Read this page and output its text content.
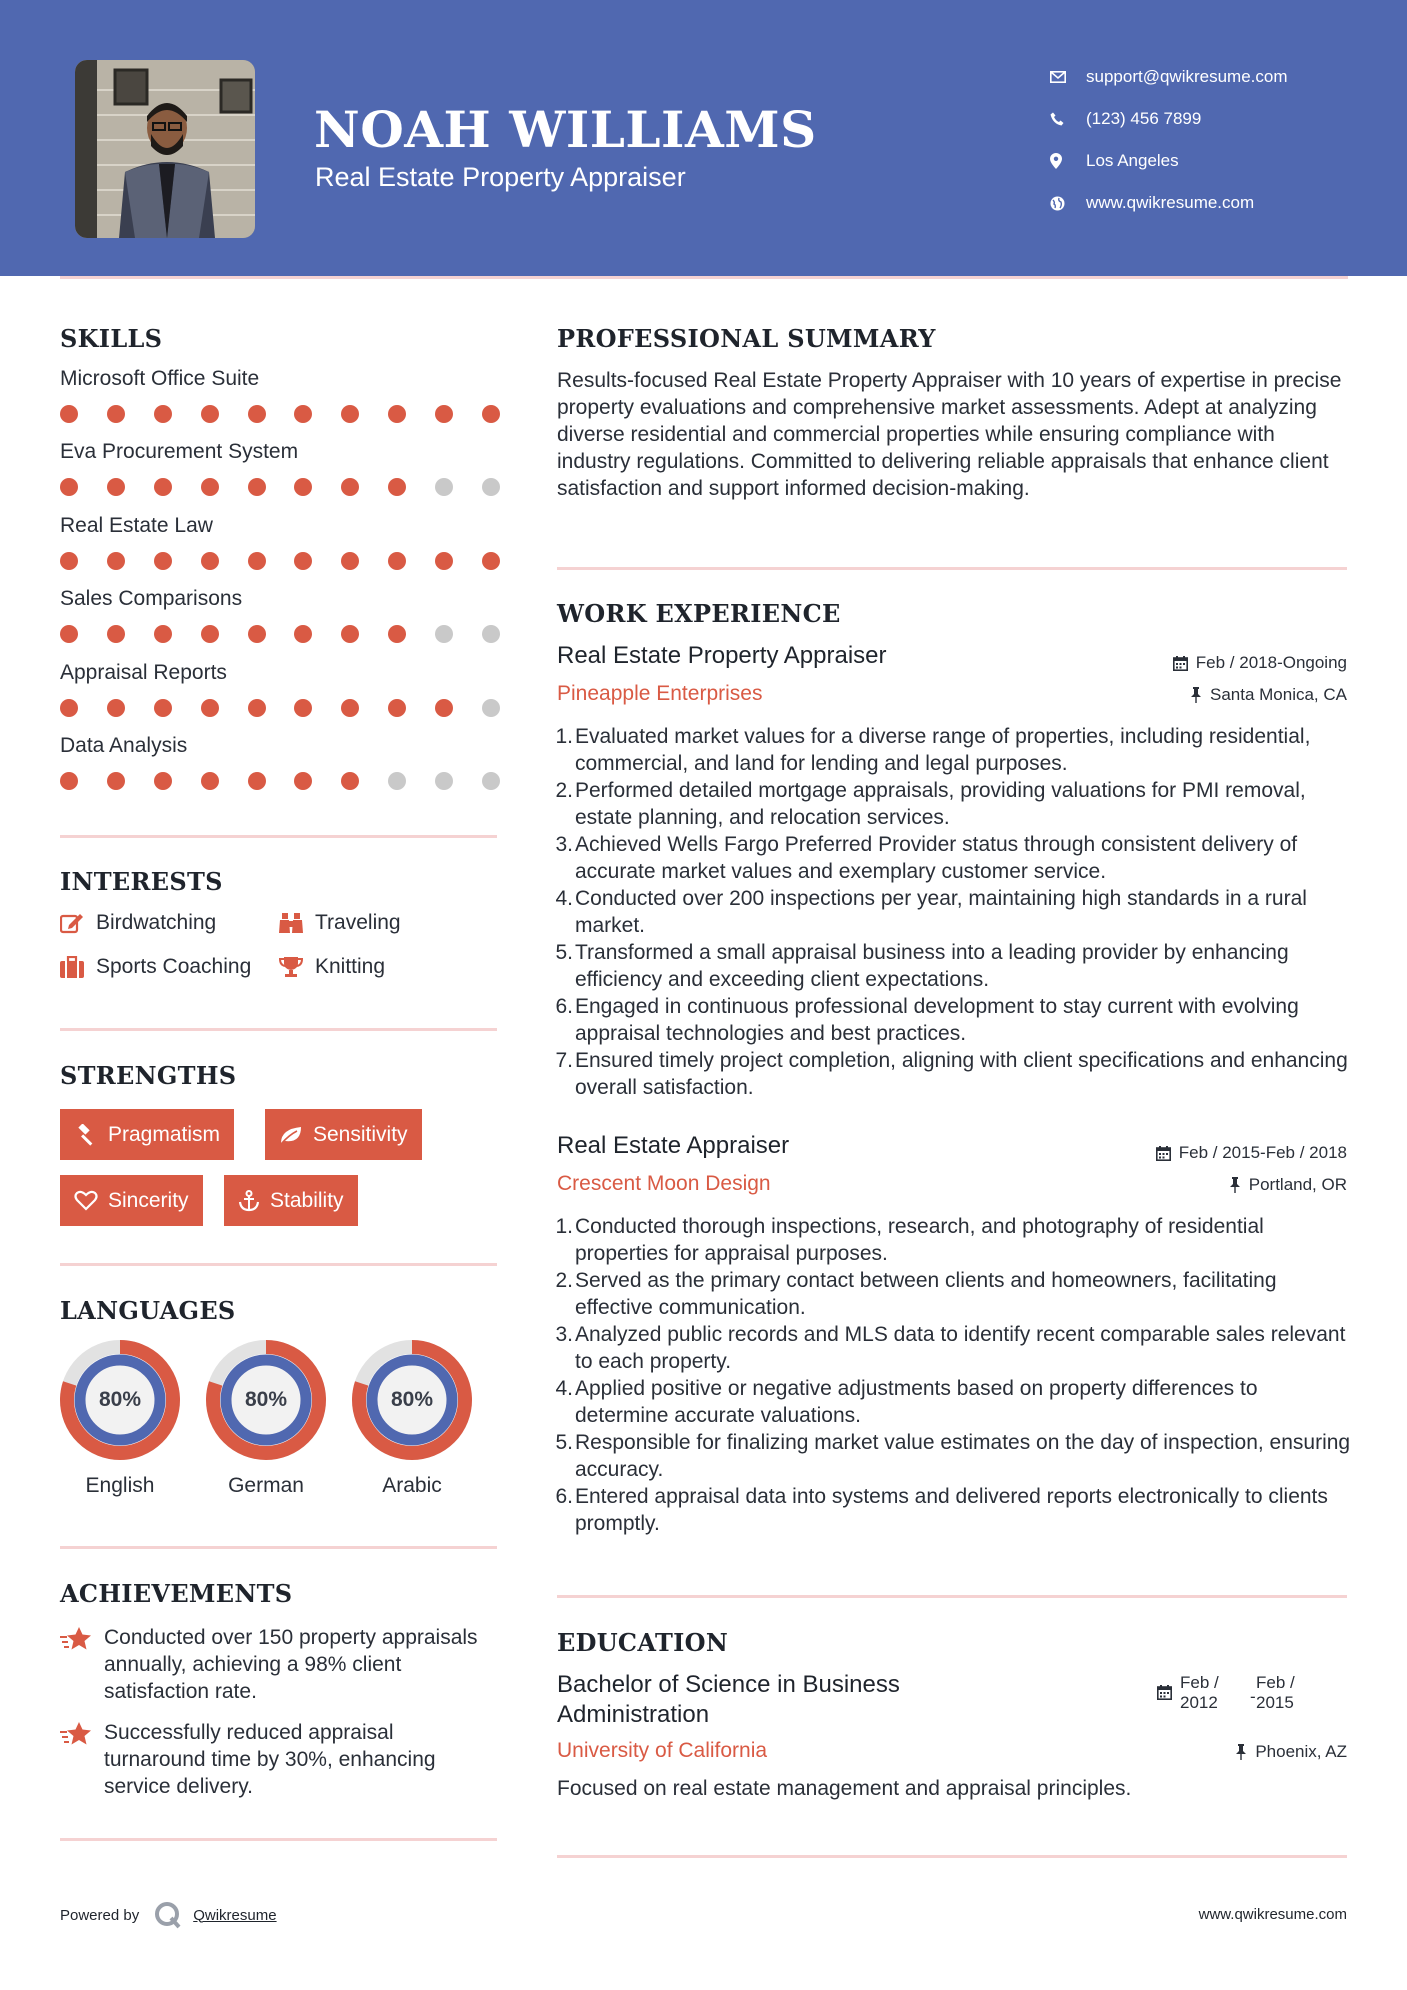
NOAH WILLIAMS
Real Estate Property Appraiser
support@qwikresume.com
(123) 456 7899
Los Angeles
www.qwikresume.com
SKILLS
Microsoft Office Suite
Eva Procurement System
Real Estate Law
Sales Comparisons
Appraisal Reports
Data Analysis
INTERESTS
Birdwatching	Traveling
Sports Coaching	Knitting
STRENGTHS
Pragmatism	Sensitivity
Sincerity	Stability
LANGUAGES
80%
English
80%
German
80%
Arabic
ACHIEVEMENTS
Conducted over 150 property appraisals annually, achieving a 98% client satisfaction rate.
Successfully reduced appraisal turnaround time by 30%, enhancing service delivery.
PROFESSIONAL SUMMARY
Results-focused Real Estate Property Appraiser with 10 years of expertise in precise property evaluations and comprehensive market assessments. Adept at analyzing diverse residential and commercial properties while ensuring compliance with industry regulations. Committed to delivering reliable appraisals that enhance client satisfaction and support informed decision-making.
WORK EXPERIENCE
Real Estate Property Appraiser	Feb / 2018-Ongoing
Pineapple Enterprises	Santa Monica, CA
1. Evaluated market values for a diverse range of properties, including residential, commercial, and land for lending and legal purposes.
2. Performed detailed mortgage appraisals, providing valuations for PMI removal, estate planning, and relocation services.
3. Achieved Wells Fargo Preferred Provider status through consistent delivery of accurate market values and exemplary customer service.
4. Conducted over 200 inspections per year, maintaining high standards in a rural market.
5. Transformed a small appraisal business into a leading provider by enhancing efficiency and exceeding client expectations.
6. Engaged in continuous professional development to stay current with evolving appraisal technologies and best practices.
7. Ensured timely project completion, aligning with client specifications and enhancing overall satisfaction.
Real Estate Appraiser	Feb / 2015-Feb / 2018
Crescent Moon Design	Portland, OR
1. Conducted thorough inspections, research, and photography of residential properties for appraisal purposes.
2. Served as the primary contact between clients and homeowners, facilitating effective communication.
3. Analyzed public records and MLS data to identify recent comparable sales relevant to each property.
4. Applied positive or negative adjustments based on property differences to determine accurate valuations.
5. Responsible for finalizing market value estimates on the day of inspection, ensuring accuracy.
6. Entered appraisal data into systems and delivered reports electronically to clients promptly.
EDUCATION
Bachelor of Science in Business
Administration
Feb /
2012	-
Feb /
2015
University of California	Phoenix, AZ
Focused on real estate management and appraisal principles.
Powered by	Qwikresume	www.qwikresume.com
